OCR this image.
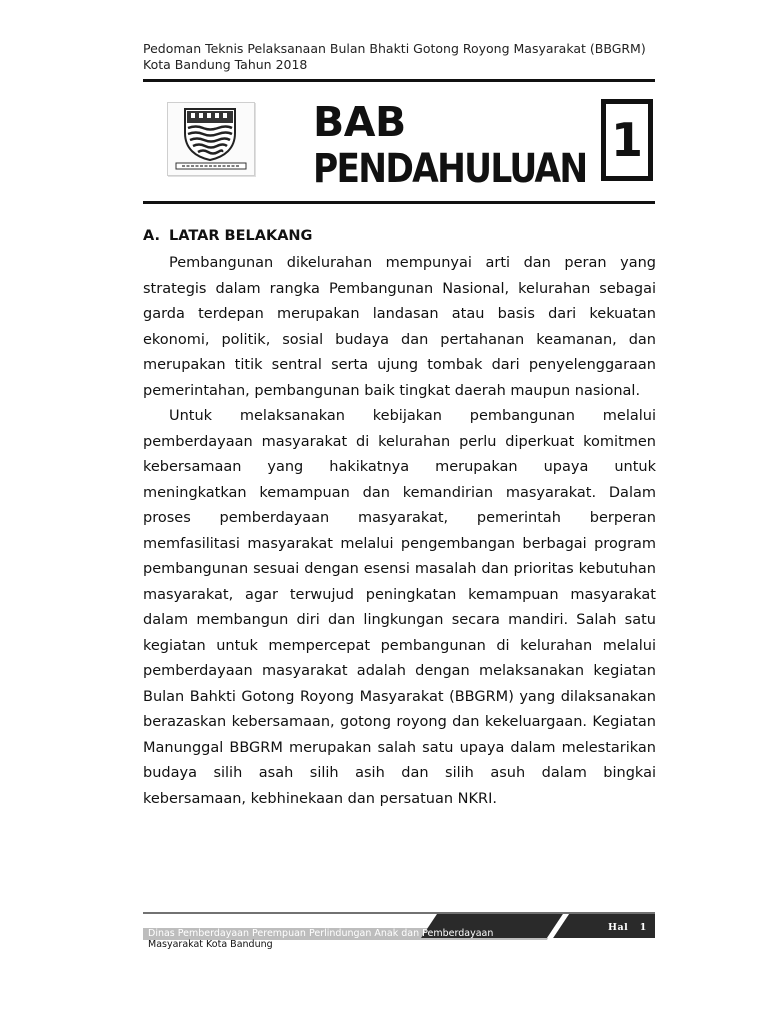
Pedoman Teknis Pelaksanaan Bulan Bhakti Gotong Royong Masyarakat (BBGRM)
Kota Bandung Tahun 2018
BAB
PENDAHULUAN
1
A. LATAR BELAKANG

Pembangunan dikelurahan mempunyai arti dan peran yang strategis dalam rangka Pembangunan Nasional, kelurahan sebagai garda terdepan merupakan landasan atau basis dari kekuatan ekonomi, politik, sosial budaya dan pertahanan keamanan, dan merupakan titik sentral serta ujung tombak dari penyelenggaraan pemerintahan, pembangunan baik tingkat daerah maupun nasional.

Untuk melaksanakan kebijakan pembangunan melalui pemberdayaan masyarakat di kelurahan perlu diperkuat komitmen kebersamaan yang hakikatnya merupakan upaya untuk meningkatkan kemampuan dan kemandirian masyarakat. Dalam proses pemberdayaan masyarakat, pemerintah berperan memfasilitasi masyarakat melalui pengembangan berbagai program pembangunan sesuai dengan esensi masalah dan prioritas kebutuhan masyarakat, agar terwujud peningkatan kemampuan masyarakat dalam membangun diri dan lingkungan secara mandiri. Salah satu kegiatan untuk mempercepat pembangunan di kelurahan melalui pemberdayaan masyarakat adalah dengan melaksanakan kegiatan Bulan Bahkti Gotong Royong Masyarakat (BBGRM) yang dilaksanakan berazaskan kebersamaan, gotong royong dan kekeluargaan. Kegiatan Manunggal BBGRM merupakan salah satu upaya dalam melestarikan budaya silih asah silih asih dan silih asuh dalam bingkai kebersamaan, kebhinekaan dan persatuan NKRI.

Dinas Pemberdayaan Perempuan Perlindungan Anak dan Pemberdayaan
Masyarakat Kota Bandung
Hal 1
